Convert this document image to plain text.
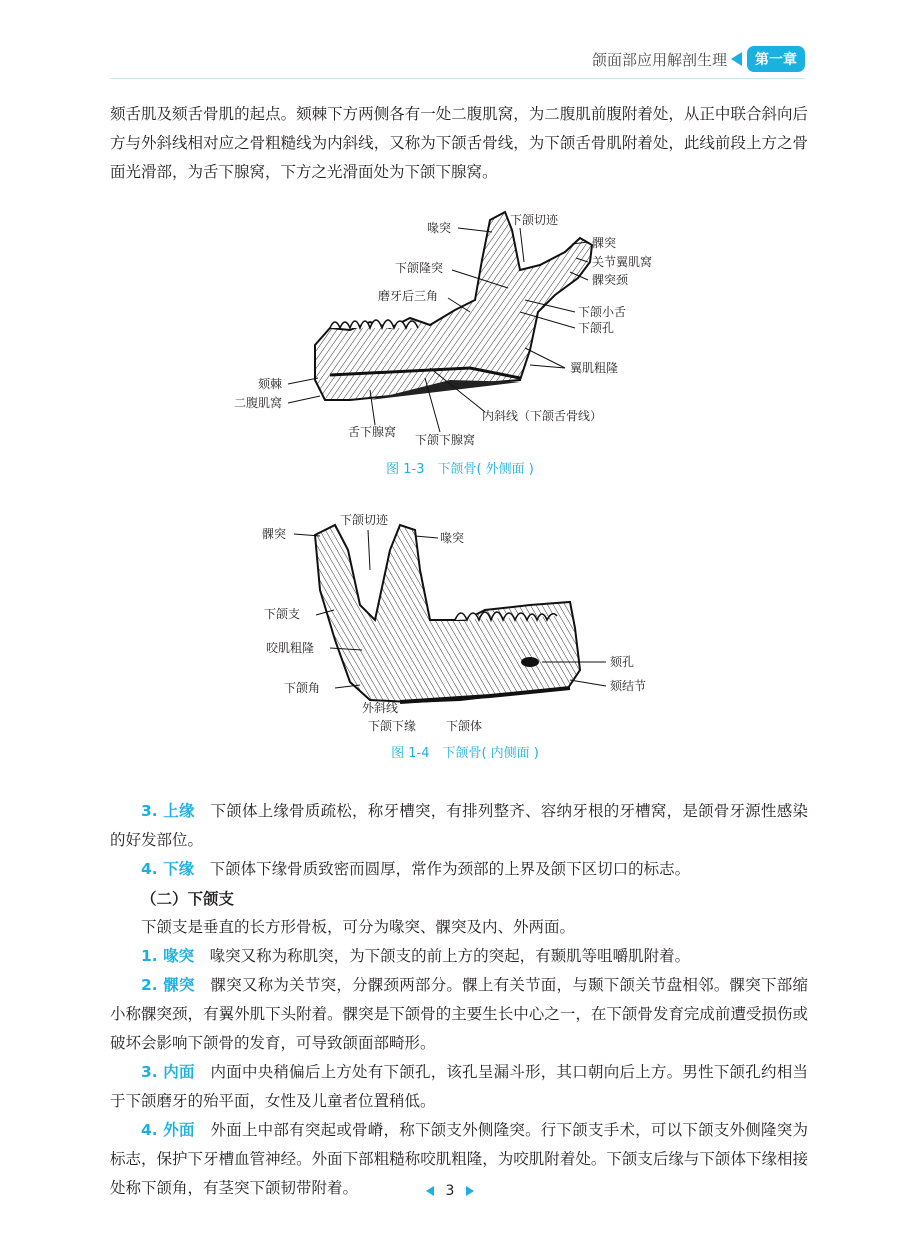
颌面部应用解剖生理	第一章

颏舌肌及颏舌骨肌的起点。颏棘下方两侧各有一处二腹肌窝，为二腹肌前腹附着处，从正中联合斜向后方与外斜线相对应之骨粗糙线为内斜线，又称为下颌舌骨线，为下颌舌骨肌附着处，此线前段上方之骨面光滑部，为舌下腺窝，下方之光滑面处为下颌下腺窝。

喙突
下颌切迹
髁突
关节翼肌窝
髁突颈
下颌隆突
磨牙后三角
下颌小舌
下颌孔
翼肌粗隆
颏棘
二腹肌窝
内斜线（下颌舌骨线）
舌下腺窝
下颌下腺窝
图 1-3　下颌骨( 外侧面 )
髁突
下颌切迹
喙突
下颌支
咬肌粗隆
下颌角
外斜线
下颌下缘 下颌体
颏孔
颏结节
图 1-4　下颌骨( 内侧面 )

3. 上缘　 下颌体上缘骨质疏松，称牙槽突，有排列整齐、容纳牙根的牙槽窝，是颌骨牙源性感染的好发部位。

4. 下缘　 下颌体下缘骨质致密而圆厚，常作为颈部的上界及颌下区切口的标志。

（二）下颌支

下颌支是垂直的长方形骨板，可分为喙突、髁突及内、外两面。

1. 喙突　 喙突又称为称肌突，为下颌支的前上方的突起，有颞肌等咀嚼肌附着。

2. 髁突　 髁突又称为关节突，分髁颈两部分。髁上有关节面，与颞下颌关节盘相邻。髁突下部缩小称髁突颈，有翼外肌下头附着。髁突是下颌骨的主要生长中心之一，在下颌骨发育完成前遭受损伤或破坏会影响下颌骨的发育，可导致颌面部畸形。

3. 内面　 内面中央稍偏后上方处有下颌孔，该孔呈漏斗形，其口朝向后上方。男性下颌孔约相当于下颌磨牙的殆平面，女性及儿童者位置稍低。

4. 外面　 外面上中部有突起或骨嵴，称下颌支外侧隆突。行下颌支手术，可以下颌支外侧隆突为标志，保护下牙槽血管神经。外面下部粗糙称咬肌粗隆，为咬肌附着处。下颌支后缘与下颌体下缘相接处称下颌角，有茎突下颌韧带附着。	3
